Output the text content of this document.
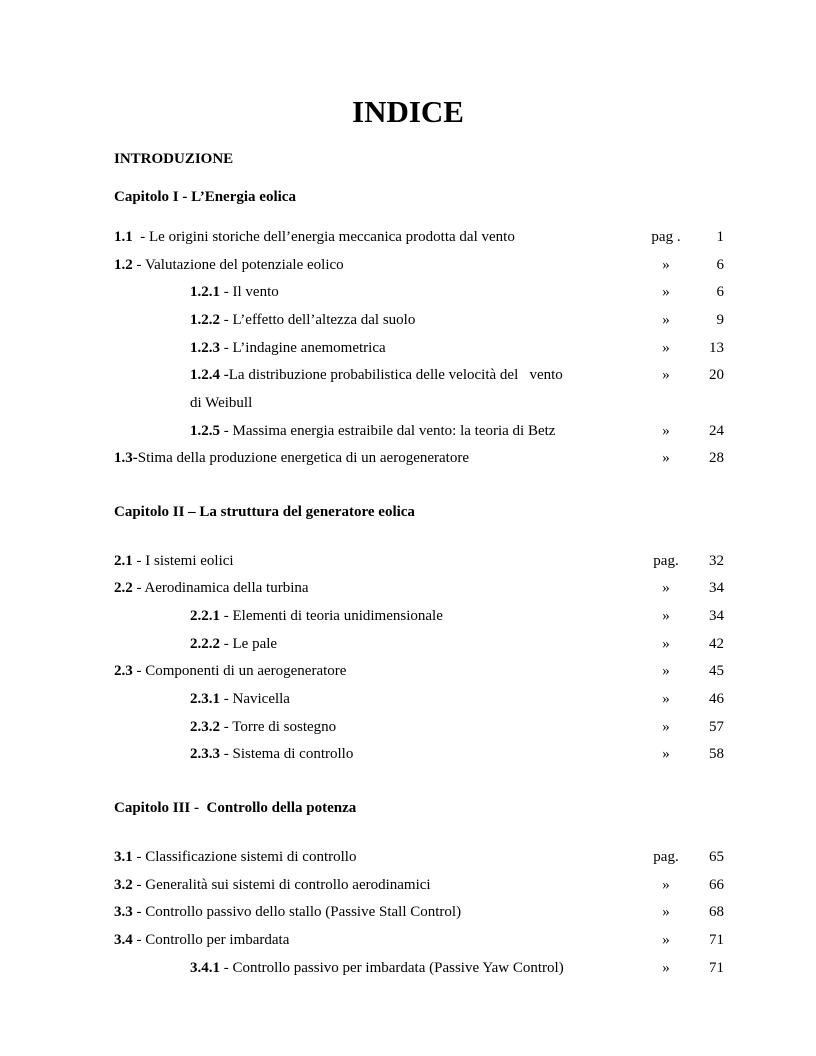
INDICE
INTRODUZIONE
Capitolo I - L’Energia eolica
1.1  - Le origini storiche dell’energia meccanica prodotta dal vento	pag .	1
1.2 - Valutazione del potenziale eolico	»	6
1.2.1 - Il vento	»	6
1.2.2 - L’effetto dell’altezza dal suolo	»	9
1.2.3 - L’indagine anemometrica	»	13
1.2.4 -La distribuzione probabilistica delle velocità del   vento	»	20
di Weibull
1.2.5 - Massima energia estraibile dal vento: la teoria di Betz	»	24
1.3-Stima della produzione energetica di un aerogeneratore	»	28
Capitolo II – La struttura del generatore eolica
2.1 - I sistemi eolici	pag.	32
2.2 - Aerodinamica della turbina	»	34
2.2.1 - Elementi di teoria unidimensionale	»	34
2.2.2 - Le pale	»	42
2.3 - Componenti di un aerogeneratore	»	45
2.3.1 - Navicella	»	46
2.3.2 - Torre di sostegno	»	57
2.3.3 - Sistema di controllo	»	58
Capitolo III -  Controllo della potenza
3.1 - Classificazione sistemi di controllo	pag.	65
3.2 - Generalità sui sistemi di controllo aerodinamici	»	66
3.3 - Controllo passivo dello stallo (Passive Stall Control)	»	68
3.4 - Controllo per imbardata	»	71
3.4.1 - Controllo passivo per imbardata (Passive Yaw Control)	»	71
